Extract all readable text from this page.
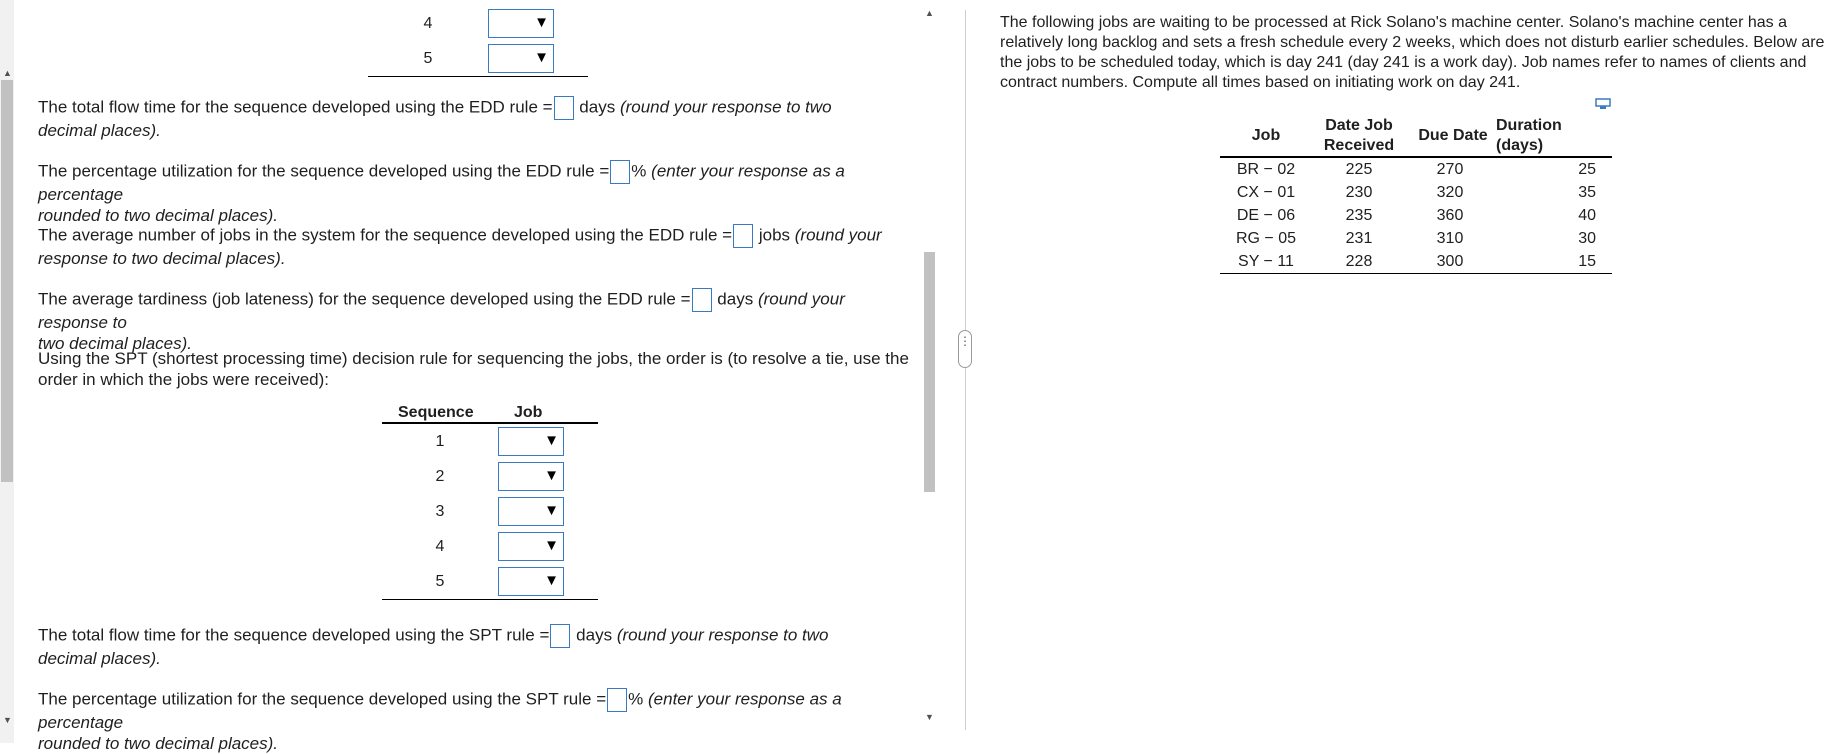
▲
▼
4	▼
5	▼
The total flow time for the sequence developed using the EDD rule = days (round your response to two
decimal places).
The percentage utilization for the sequence developed using the EDD rule = % (enter your response as a percentage
rounded to two decimal places).
The average number of jobs in the system for the sequence developed using the EDD rule = jobs (round your
response to two decimal places).
The average tardiness (job lateness) for the sequence developed using the EDD rule = days (round your response to
two decimal places).
Using the SPT (shortest processing time) decision rule for sequencing the jobs, the order is (to resolve a tie, use the
order in which the jobs were received):
Sequence	Job
1	▼
2	▼
3	▼
4	▼
5	▼
The total flow time for the sequence developed using the SPT rule = days (round your response to two
decimal places).
The percentage utilization for the sequence developed using the SPT rule = % (enter your response as a percentage
rounded to two decimal places).
▲
▼
⋮
The following jobs are waiting to be processed at Rick Solano's machine center. Solano's machine center has a relatively long backlog and sets a fresh schedule every 2 weeks, which does not disturb earlier schedules. Below are the jobs to be scheduled today, which is day 241 (day 241 is a work day). Job names refer to names of clients and contract numbers. Compute all times based on initiating work on day 241.
Job	Date Job Received	Due Date	Duration (days)
BR − 02	225	270	25
CX − 01	230	320	35
DE − 06	235	360	40
RG − 05	231	310	30
SY − 11	228	300	15
